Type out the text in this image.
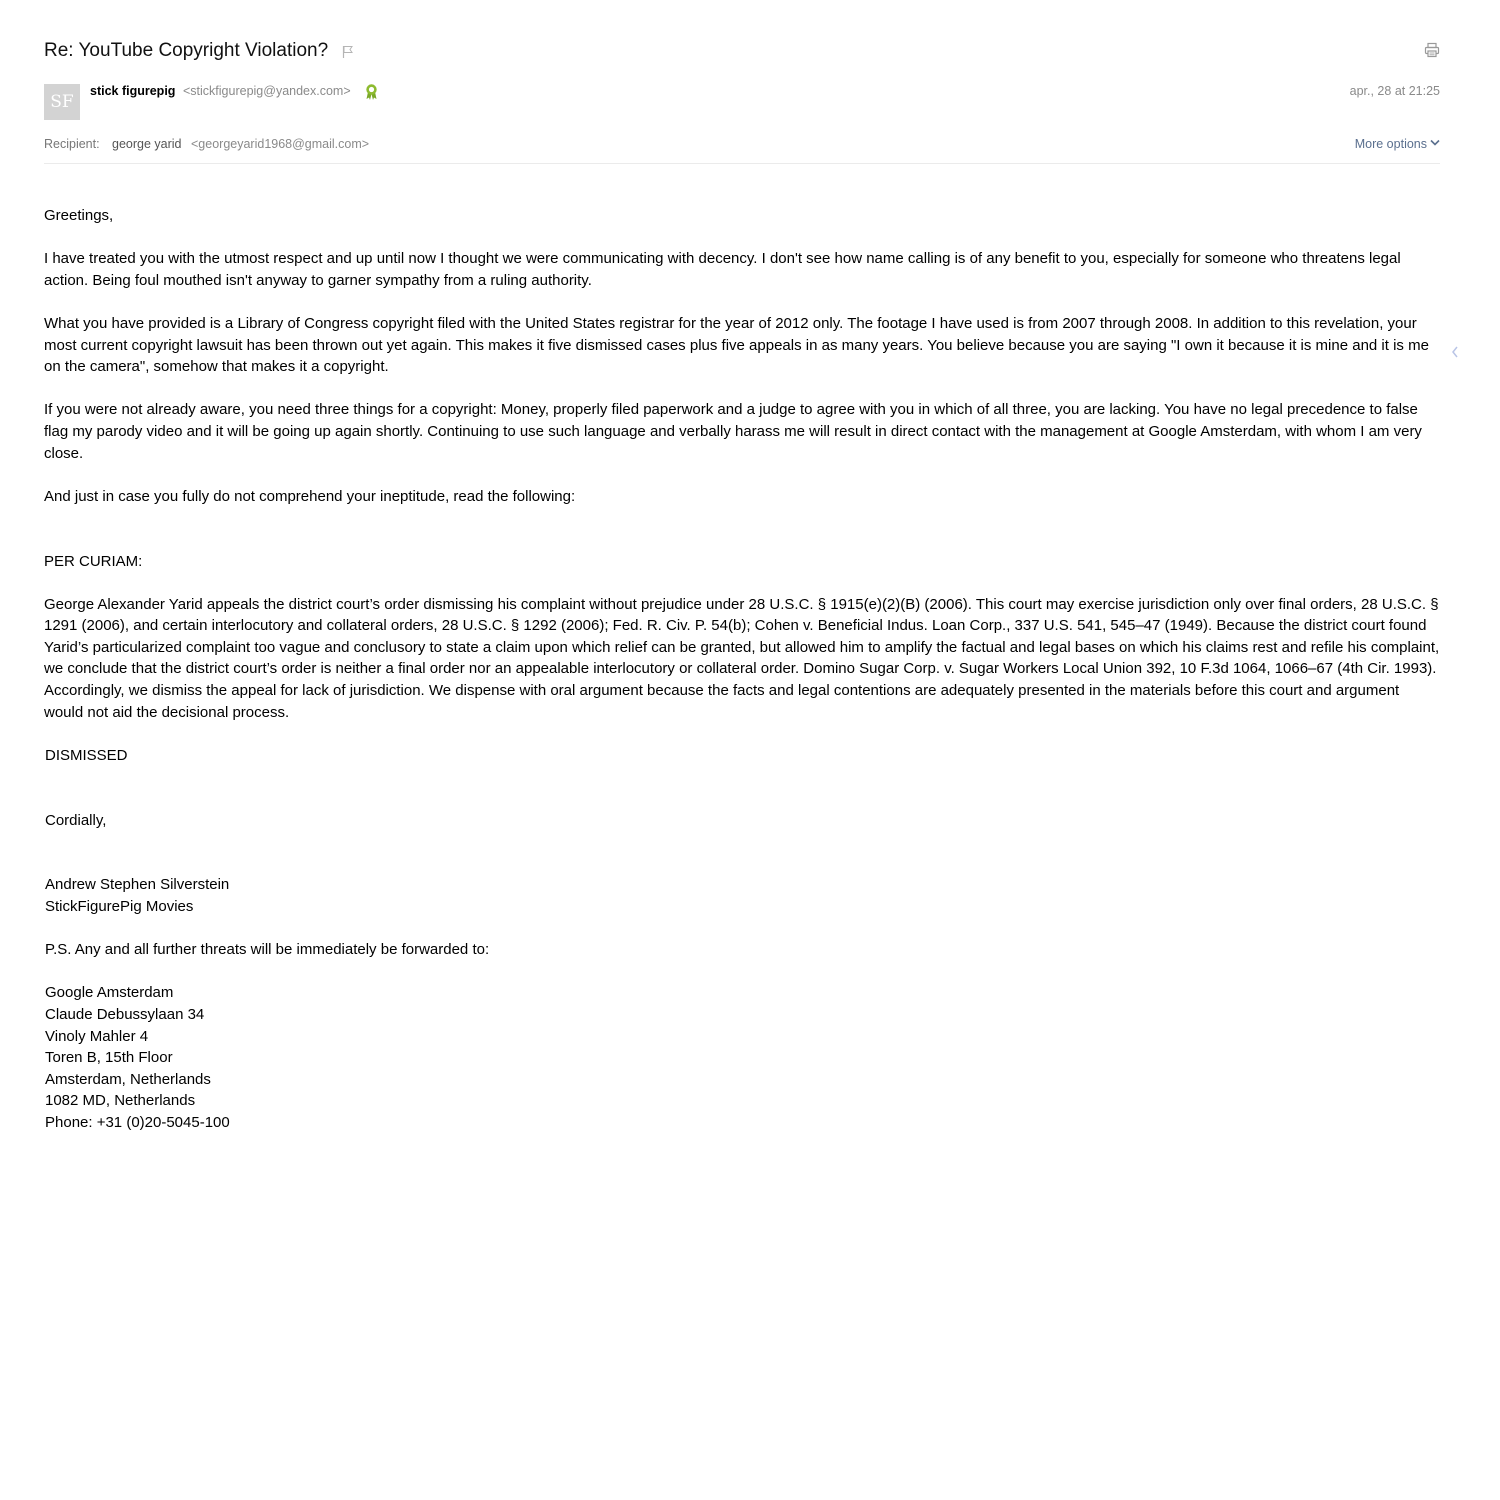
Re: YouTube Copyright Violation?
SF
stick figurepig <stickfigurepig@yandex.com>	apr., 28 at 21:25
Recipient: george yarid <georgeyarid1968@gmail.com>	More options

Greetings,

I have treated you with the utmost respect and up until now I thought we were communicating with decency. I don't see how name calling is of any benefit to you, especially for someone who threatens legal action. Being foul mouthed isn't anyway to garner sympathy from a ruling authority.

What you have provided is a Library of Congress copyright filed with the United States registrar for the year of 2012 only. The footage I have used is from 2007 through 2008. In addition to this revelation, your most current copyright lawsuit has been thrown out yet again. This makes it five dismissed cases plus five appeals in as many years. You believe because you are saying "I own it because it is mine and it is me on the camera", somehow that makes it a copyright.

If you were not already aware, you need three things for a copyright: Money, properly filed paperwork and a judge to agree with you in which of all three, you are lacking. You have no legal precedence to false flag my parody video and it will be going up again shortly. Continuing to use such language and verbally harass me will result in direct contact with the management at Google Amsterdam, with whom I am very close.

And just in case you fully do not comprehend your ineptitude, read the following:

PER CURIAM:

George Alexander Yarid appeals the district court’s order dismissing his complaint without prejudice under 28 U.S.C. § 1915(e)(2)(B) (2006). This court may exercise jurisdiction only over final orders, 28 U.S.C. § 1291 (2006), and certain interlocutory and collateral orders, 28 U.S.C. § 1292 (2006); Fed. R. Civ. P. 54(b); Cohen v. Beneficial Indus. Loan Corp., 337 U.S. 541, 545–47 (1949). Because the district court found Yarid’s particularized complaint too vague and conclusory to state a claim upon which relief can be granted, but allowed him to amplify the factual and legal bases on which his claims rest and refile his complaint, we conclude that the district court’s order is neither a final order nor an appealable interlocutory or collateral order. Domino Sugar Corp. v. Sugar Workers Local Union 392, 10 F.3d 1064, 1066–67 (4th Cir. 1993). Accordingly, we dismiss the appeal for lack of jurisdiction. We dispense with oral argument because the facts and legal contentions are adequately presented in the materials before this court and argument would not aid the decisional process.

DISMISSED

Cordially,

Andrew Stephen Silverstein

StickFigurePig Movies

P.S. Any and all further threats will be immediately be forwarded to:

Google Amsterdam

Claude Debussylaan 34

Vinoly Mahler 4

Toren B, 15th Floor

Amsterdam, Netherlands

1082 MD, Netherlands

Phone: +31 (0)20-5045-100
